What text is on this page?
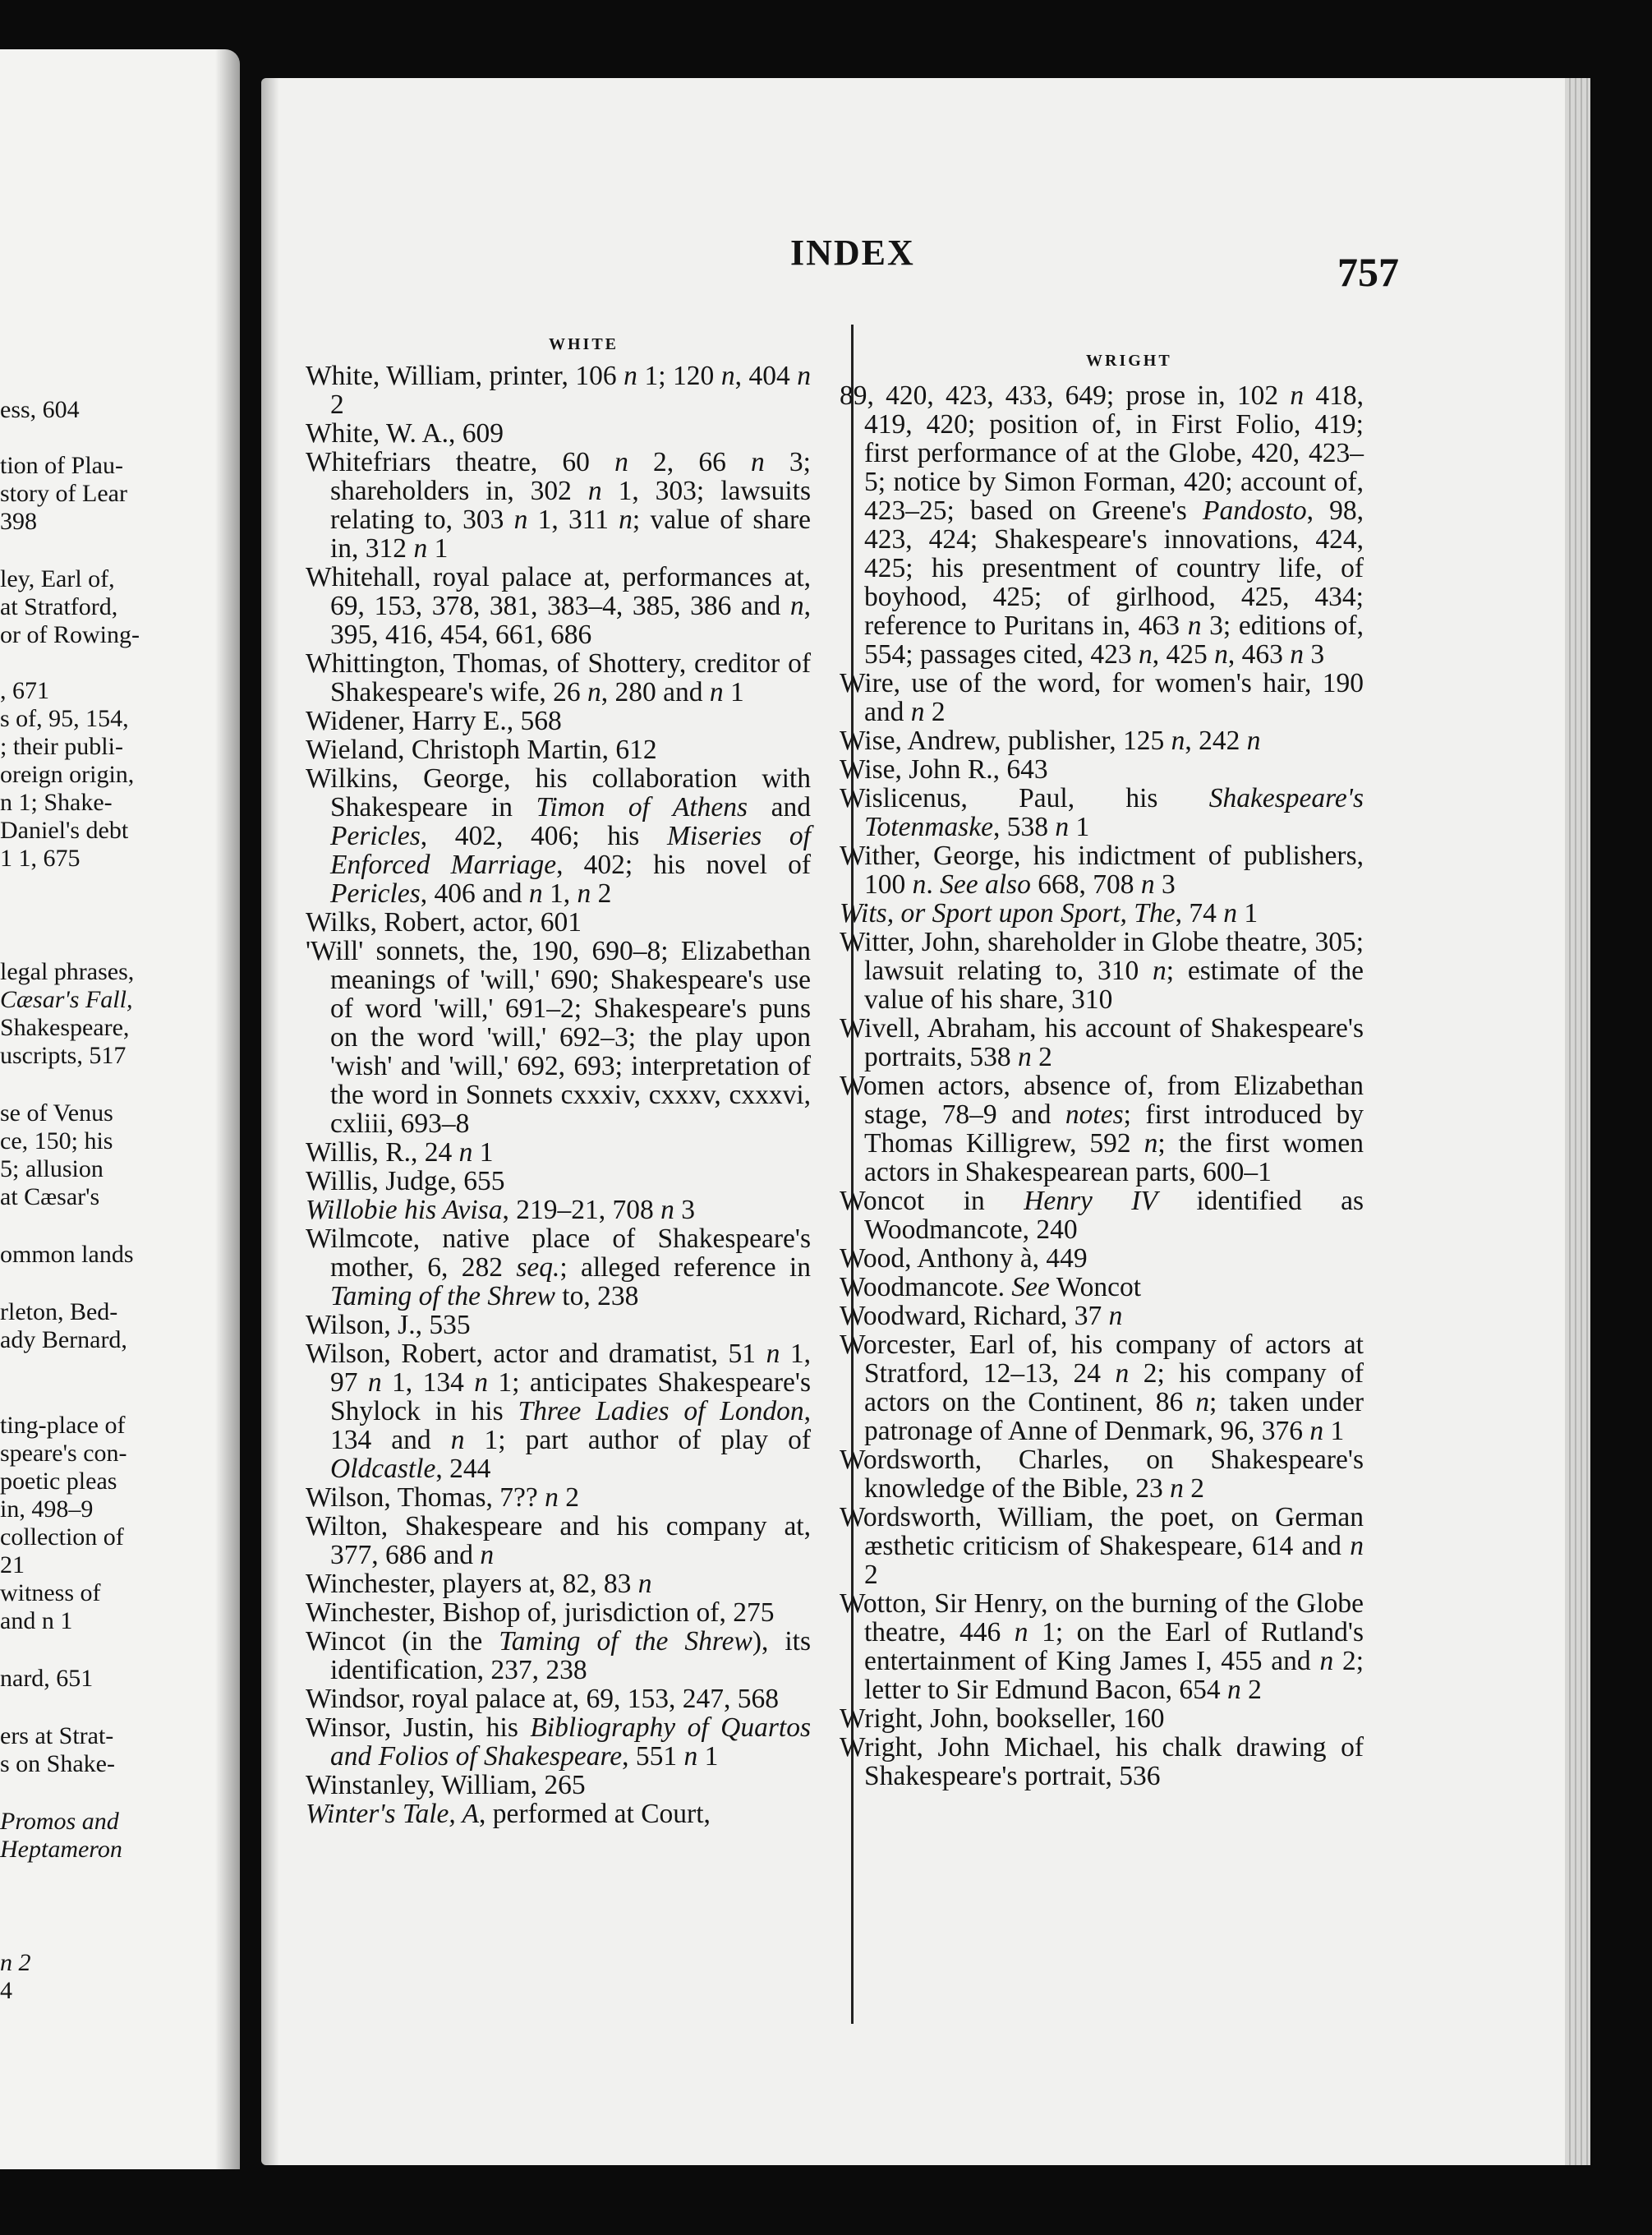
ess, 604
tion of Plau-
story of Lear
398
ley, Earl of,
at Stratford,
or of Rowing-
, 671
s of, 95, 154,
; their publi-
oreign origin,
n 1; Shake-
Daniel's debt
1 1, 675
legal phrases,
Cæsar's Fall,
Shakespeare,
uscripts, 517
se of Venus
ce, 150; his
5; allusion
at Cæsar's
ommon lands
rleton, Bed-
ady Bernard,
ting-place of
speare's con-
poetic pleas
in, 498–9
collection of
21
witness of
and n 1
nard, 651
ers at Strat-
s on Shake-
Promos and
Heptameron
n 2
4
INDEX	757
WHITE
WRIGHT
White, William, printer, 106 n 1; 120 n, 404 n 2
White, W. A., 609
Whitefriars theatre, 60 n 2, 66 n 3; shareholders in, 302 n 1, 303; lawsuits relating to, 303 n 1, 311 n; value of share in, 312 n 1
Whitehall, royal palace at, performances at, 69, 153, 378, 381, 383–4, 385, 386 and n, 395, 416, 454, 661, 686
Whittington, Thomas, of Shottery, creditor of Shakespeare's wife, 26 n, 280 and n 1
Widener, Harry E., 568
Wieland, Christoph Martin, 612
Wilkins, George, his collaboration with Shakespeare in Timon of Athens and Pericles, 402, 406; his Miseries of Enforced Marriage, 402; his novel of Pericles, 406 and n 1, n 2
Wilks, Robert, actor, 601
'Will' sonnets, the, 190, 690–8; Elizabethan meanings of 'will,' 690; Shakespeare's use of word 'will,' 691–2; Shakespeare's puns on the word 'will,' 692–3; the play upon 'wish' and 'will,' 692, 693; interpretation of the word in Sonnets cxxxiv, cxxxv, cxxxvi, cxliii, 693–8
Willis, R., 24 n 1
Willis, Judge, 655
Willobie his Avisa, 219–21, 708 n 3
Wilmcote, native place of Shakespeare's mother, 6, 282 seq.; alleged reference in Taming of the Shrew to, 238
Wilson, J., 535
Wilson, Robert, actor and dramatist, 51 n 1, 97 n 1, 134 n 1; anticipates Shakespeare's Shylock in his Three Ladies of London, 134 and n 1; part author of play of Oldcastle, 244
Wilson, Thomas, 7?? n 2
Wilton, Shakespeare and his company at, 377, 686 and n
Winchester, players at, 82, 83 n
Winchester, Bishop of, jurisdiction of, 275
Wincot (in the Taming of the Shrew), its identification, 237, 238
Windsor, royal palace at, 69, 153, 247, 568
Winsor, Justin, his Bibliography of Quartos and Folios of Shakespeare, 551 n 1
Winstanley, William, 265
Winter's Tale, A, performed at Court,
89, 420, 423, 433, 649; prose in, 102 n 418, 419, 420; position of, in First Folio, 419; first performance of at the Globe, 420, 423–5; notice by Simon Forman, 420; account of, 423–25; based on Greene's Pandosto, 98, 423, 424; Shakespeare's innovations, 424, 425; his presentment of country life, of boyhood, 425; of girlhood, 425, 434; reference to Puritans in, 463 n 3; editions of, 554; passages cited, 423 n, 425 n, 463 n 3
Wire, use of the word, for women's hair, 190 and n 2
Wise, Andrew, publisher, 125 n, 242 n
Wise, John R., 643
Wislicenus, Paul, his Shakespeare's Totenmaske, 538 n 1
Wither, George, his indictment of publishers, 100 n. See also 668, 708 n 3
Wits, or Sport upon Sport, The, 74 n 1
Witter, John, shareholder in Globe theatre, 305; lawsuit relating to, 310 n; estimate of the value of his share, 310
Wivell, Abraham, his account of Shakespeare's portraits, 538 n 2
Women actors, absence of, from Elizabethan stage, 78–9 and notes; first introduced by Thomas Killigrew, 592 n; the first women actors in Shakespearean parts, 600–1
Woncot in Henry IV identified as Woodmancote, 240
Wood, Anthony à, 449
Woodmancote. See Woncot
Woodward, Richard, 37 n
Worcester, Earl of, his company of actors at Stratford, 12–13, 24 n 2; his company of actors on the Continent, 86 n; taken under patronage of Anne of Denmark, 96, 376 n 1
Wordsworth, Charles, on Shakespeare's knowledge of the Bible, 23 n 2
Wordsworth, William, the poet, on German æsthetic criticism of Shakespeare, 614 and n 2
Wotton, Sir Henry, on the burning of the Globe theatre, 446 n 1; on the Earl of Rutland's entertainment of King James I, 455 and n 2; letter to Sir Edmund Bacon, 654 n 2
Wright, John, bookseller, 160
Wright, John Michael, his chalk drawing of Shakespeare's portrait, 536
